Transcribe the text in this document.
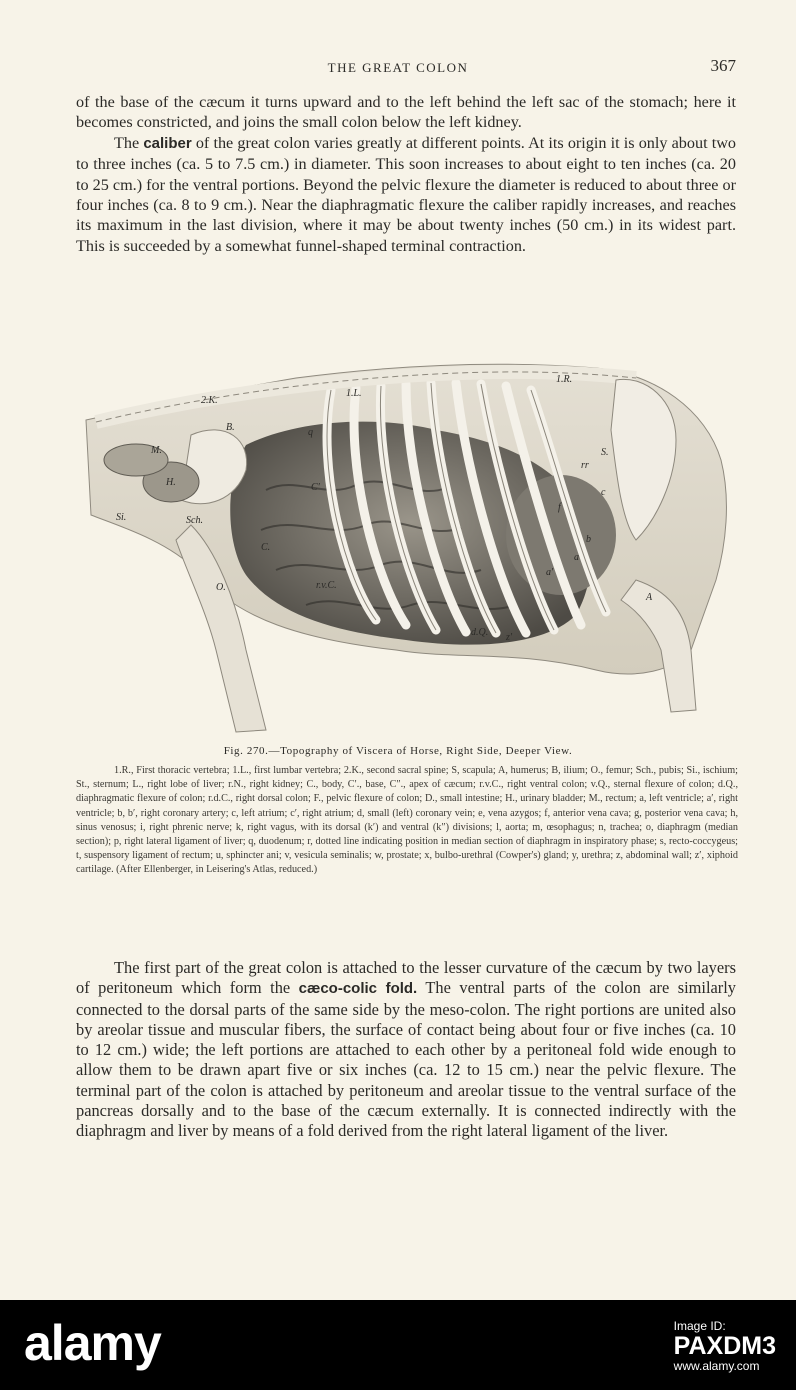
THE GREAT COLON	367

of the base of the cæcum it turns upward and to the left behind the left sac of the stomach; here it becomes constricted, and joins the small colon below the left kidney.

The caliber of the great colon varies greatly at different points. At its origin it is only about two to three inches (ca. 5 to 7.5 cm.) in diameter. This soon increases to about eight to ten inches (ca. 20 to 25 cm.) for the ventral portions. Beyond the pelvic flexure the diameter is reduced to about three or four inches (ca. 8 to 9 cm.). Near the diaphragmatic flexure the caliber rapidly increases, and reaches its maximum in the last division, where it may be about twenty inches (50 cm.) in its widest part. This is succeeded by a somewhat funnel-shaped terminal contraction.

2.K.
1.L.
1.R.
S.
A
B.
O.
Sch.
Si.
M.
H.
C.
C′
r.v.C.
d.Q. z′
q
a
a′
b
c
rr
f
Fig. 270.—Topography of Viscera of Horse, Right Side, Deeper View.
1.R., First thoracic vertebra; 1.L., first lumbar vertebra; 2.K., second sacral spine; S, scapula; A, humerus; B, ilium; O., femur; Sch., pubis; Si., ischium; St., sternum; L., right lobe of liver; r.N., right kidney; C., body, C′., base, C″., apex of cæcum; r.v.C., right ventral colon; v.Q., sternal flexure of colon; d.Q., diaphragmatic flexure of colon; r.d.C., right dorsal colon; F., pelvic flexure of colon; D., small intestine; H., urinary bladder; M., rectum; a, left ventricle; a′, right ventricle; b, b′, right coronary artery; c, left atrium; c′, right atrium; d, small (left) coronary vein; e, vena azygos; f, anterior vena cava; g, posterior vena cava; h, sinus venosus; i, right phrenic nerve; k, right vagus, with its dorsal (k′) and ventral (k″) divisions; l, aorta; m, œsophagus; n, trachea; o, diaphragm (median section); p, right lateral ligament of liver; q, duodenum; r, dotted line indicating position in median section of diaphragm in inspiratory phase; s, recto-coccygeus; t, suspensory ligament of rectum; u, sphincter ani; v, vesicula seminalis; w, prostate; x, bulbo-urethral (Cowper's) gland; y, urethra; z, abdominal wall; z′, xiphoid cartilage. (After Ellenberger, in Leisering's Atlas, reduced.)

The first part of the great colon is attached to the lesser curvature of the cæcum by two layers of peritoneum which form the cæco-colic fold. The ventral parts of the colon are similarly connected to the dorsal parts of the same side by the meso-colon. The right portions are united also by areolar tissue and muscular fibers, the surface of contact being about four or five inches (ca. 10 to 12 cm.) wide; the left portions are attached to each other by a peritoneal fold wide enough to allow them to be drawn apart five or six inches (ca. 12 to 15 cm.) near the pelvic flexure. The terminal part of the colon is attached by peritoneum and areolar tissue to the ventral surface of the pancreas dorsally and to the base of the cæcum externally. It is connected indirectly with the diaphragm and liver by means of a fold derived from the right lateral ligament of the liver.

alamy	Image ID:
PAXDM3
www.alamy.com
